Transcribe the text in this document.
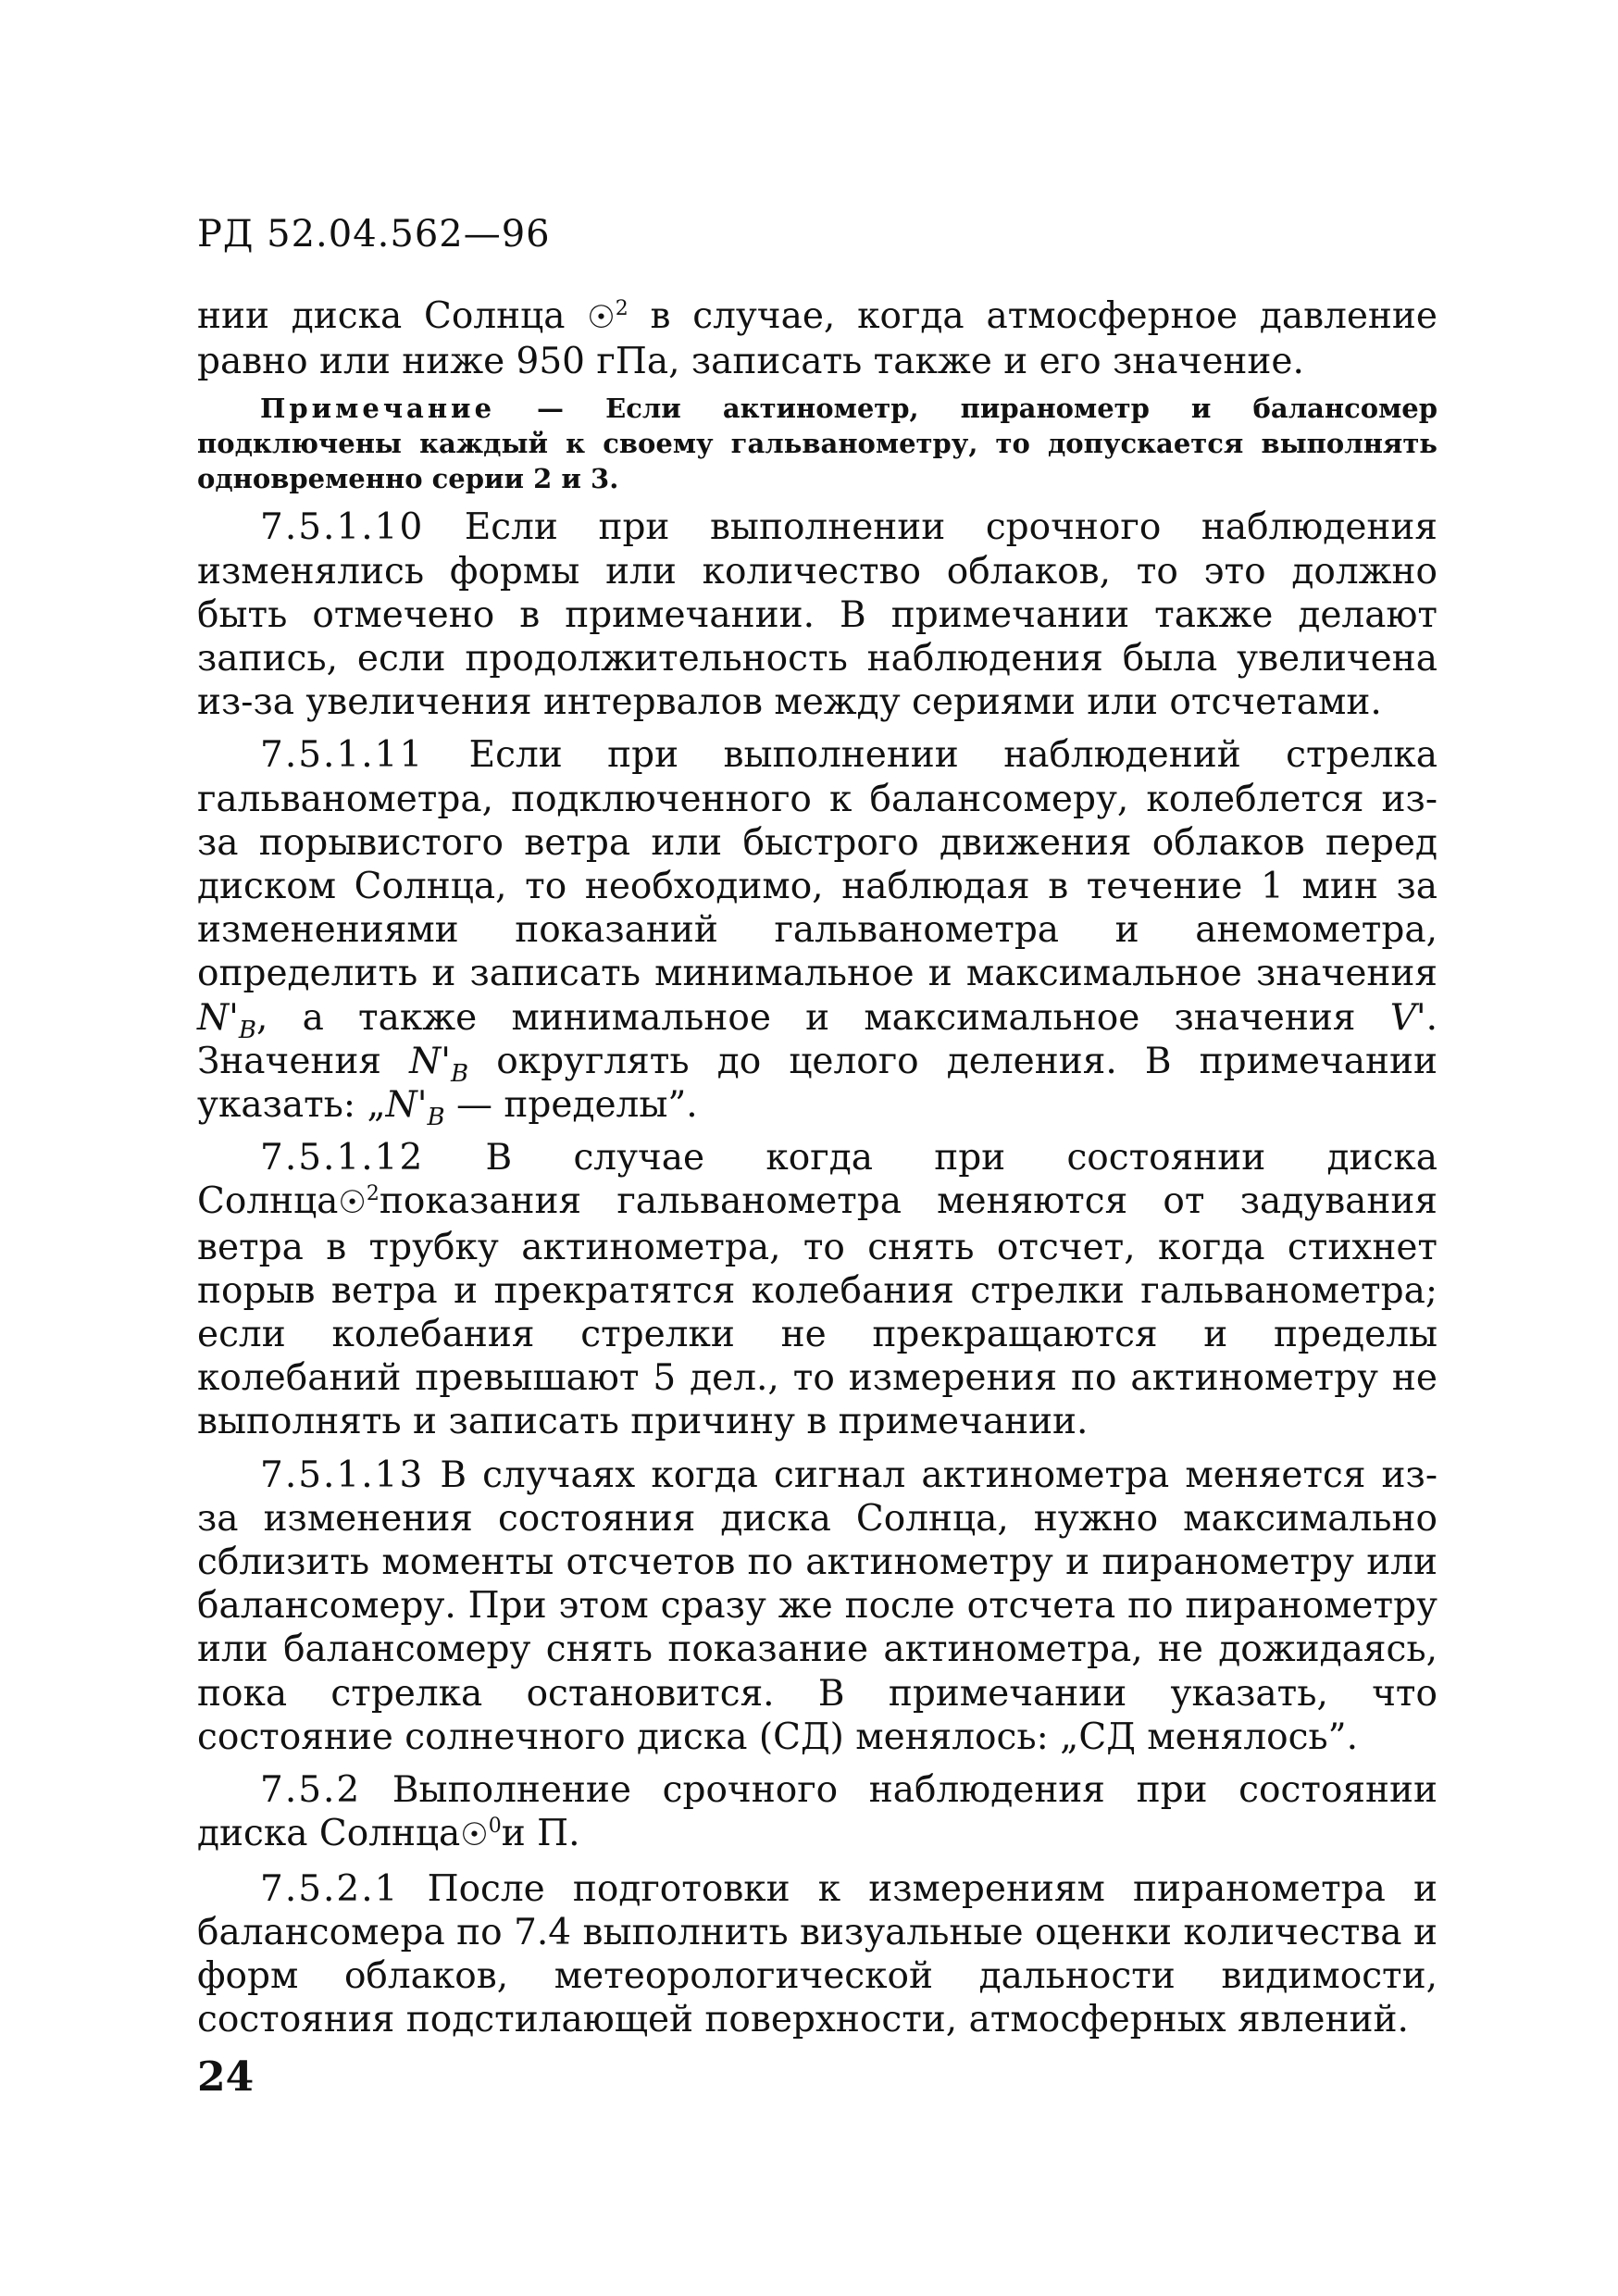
РД 52.04.562—96

нии диска Солнца ☉$^2$ в случае, когда атмосферное давление равно или ниже 950 гПа, записать также и его значение.

Примечание — Если актинометр, пиранометр и балансомер подключены каждый к своему гальванометру, то допускается выполнять одновременно серии 2 и 3.

7.5.1.10 Если при выполнении срочного наблюдения изменялись формы или количество облаков, то это должно быть отмечено в примечании. В примечании также делают запись, если продолжительность наблюдения была увеличена из-за увеличения интервалов между сериями или отсчетами.

7.5.1.11 Если при выполнении наблюдений стрелка гальванометра, подключенного к балансомеру, колеблется из-за порывистого ветра или быстрого движения облаков перед диском Солнца, то необходимо, наблюдая в течение 1 мин за изменениями показаний гальванометра и анемометра, определить и записать минимальное и максимальное значения $N'_B$, а также минимальное и максимальное значения V'. Значения $N'_B$ округлять до целого деления. В примечании указать: $„N'_B$ — пределы”.

7.5.1.12 В случае когда при состоянии диска Солнца☉$^2$показания гальванометра меняются от задувания ветра в трубку актинометра, то снять отсчет, когда стихнет порыв ветра и прекратятся колебания стрелки гальванометра; если колебания стрелки не прекращаются и пределы колебаний превышают 5 дел., то измерения по актинометру не выполнять и записать причину в примечании.

7.5.1.13 В случаях когда сигнал актинометра меняется из-за изменения состояния диска Солнца, нужно максимально сблизить моменты отсчетов по актинометру и пиранометру или балансомеру. При этом сразу же после отсчета по пиранометру или балансомеру снять показание актинометра, не дожидаясь, пока стрелка остановится. В примечании указать, что состояние солнечного диска (СД) менялось: „СД менялось”.

7.5.2 Выполнение срочного наблюдения при состоянии диска Солнца☉$^0$и П.

7.5.2.1 После подготовки к измерениям пиранометра и балансомера по 7.4 выполнить визуальные оценки количества и форм облаков, метеорологической дальности видимости, состояния подстилающей поверхности, атмосферных явлений.

24
